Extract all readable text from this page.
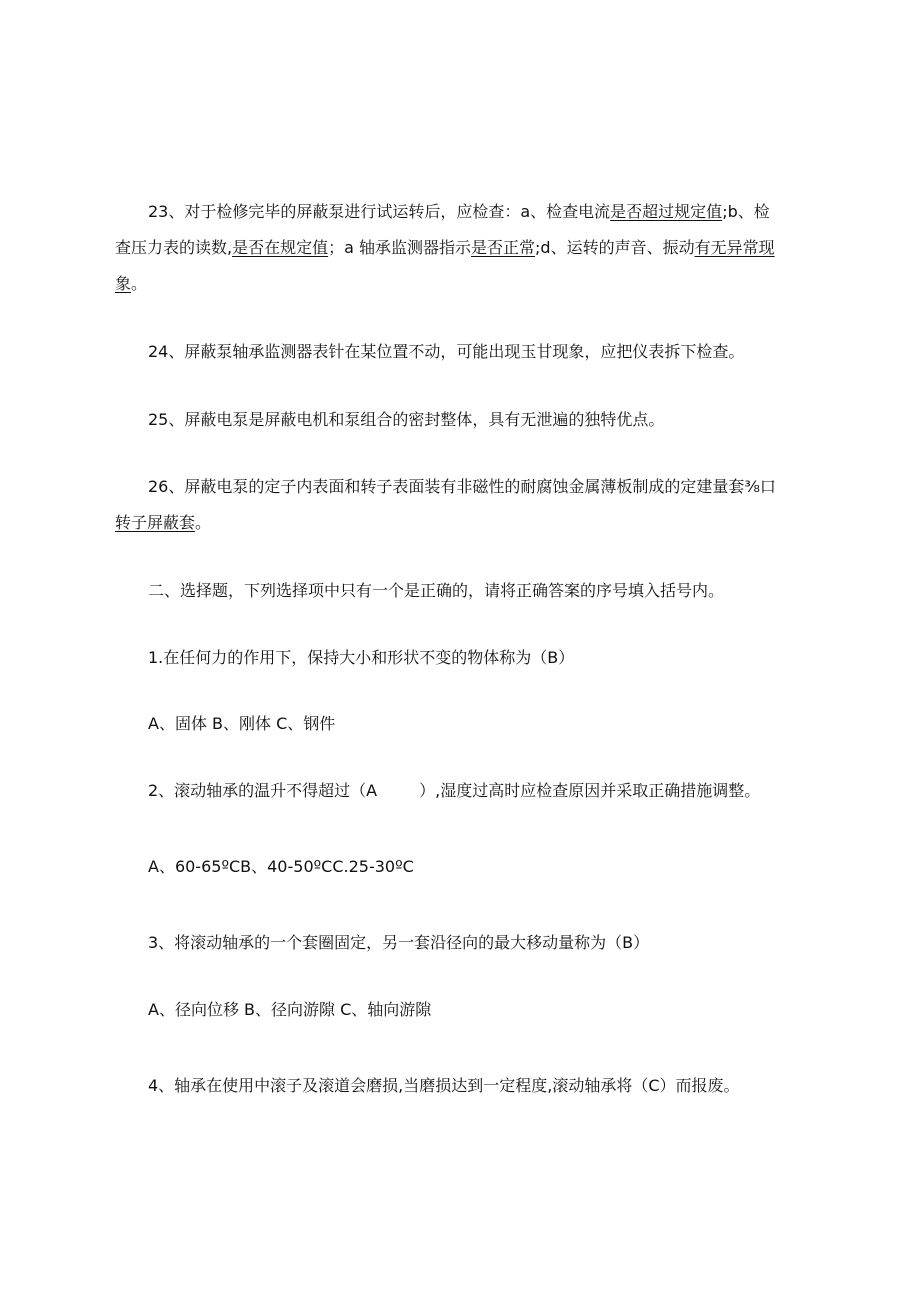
23、对于检修完毕的屏蔽泵进行试运转后，应检查：a、检查电流是否超过规定值;b、检
查压力表的读数,是否在规定值；a 轴承监测器指示是否正常;d、运转的声音、振动有无异常现
象。
24、屏蔽泵轴承监测器表针在某位置不动，可能出现玉甘现象，应把仪表拆下检查。
25、屏蔽电泵是屏蔽电机和泵组合的密封整体，具有无泄遍的独特优点。
26、屏蔽电泵的定子内表面和转子表面装有非磁性的耐腐蚀金属薄板制成的定建量套⅜口
转子屏蔽套。
二、选择题，下列选择项中只有一个是正确的，请将正确答案的序号填入括号内。
1.在任何力的作用下，保持大小和形状不变的物体称为（B）
A、固体 B、刚体 C、钢件
2、滚动轴承的温升不得超过（A	）,湿度过高时应检查原因并采取正确措施调整。
A、60-65ºCB、40-50ºCC.25-30ºC
3、将滚动轴承的一个套圈固定，另一套沿径向的最大移动量称为（B）
A、径向位移 B、径向游隙 C、轴向游隙
4、轴承在使用中滚子及滚道会磨损,当磨损达到一定程度,滚动轴承将（C）而报废。
